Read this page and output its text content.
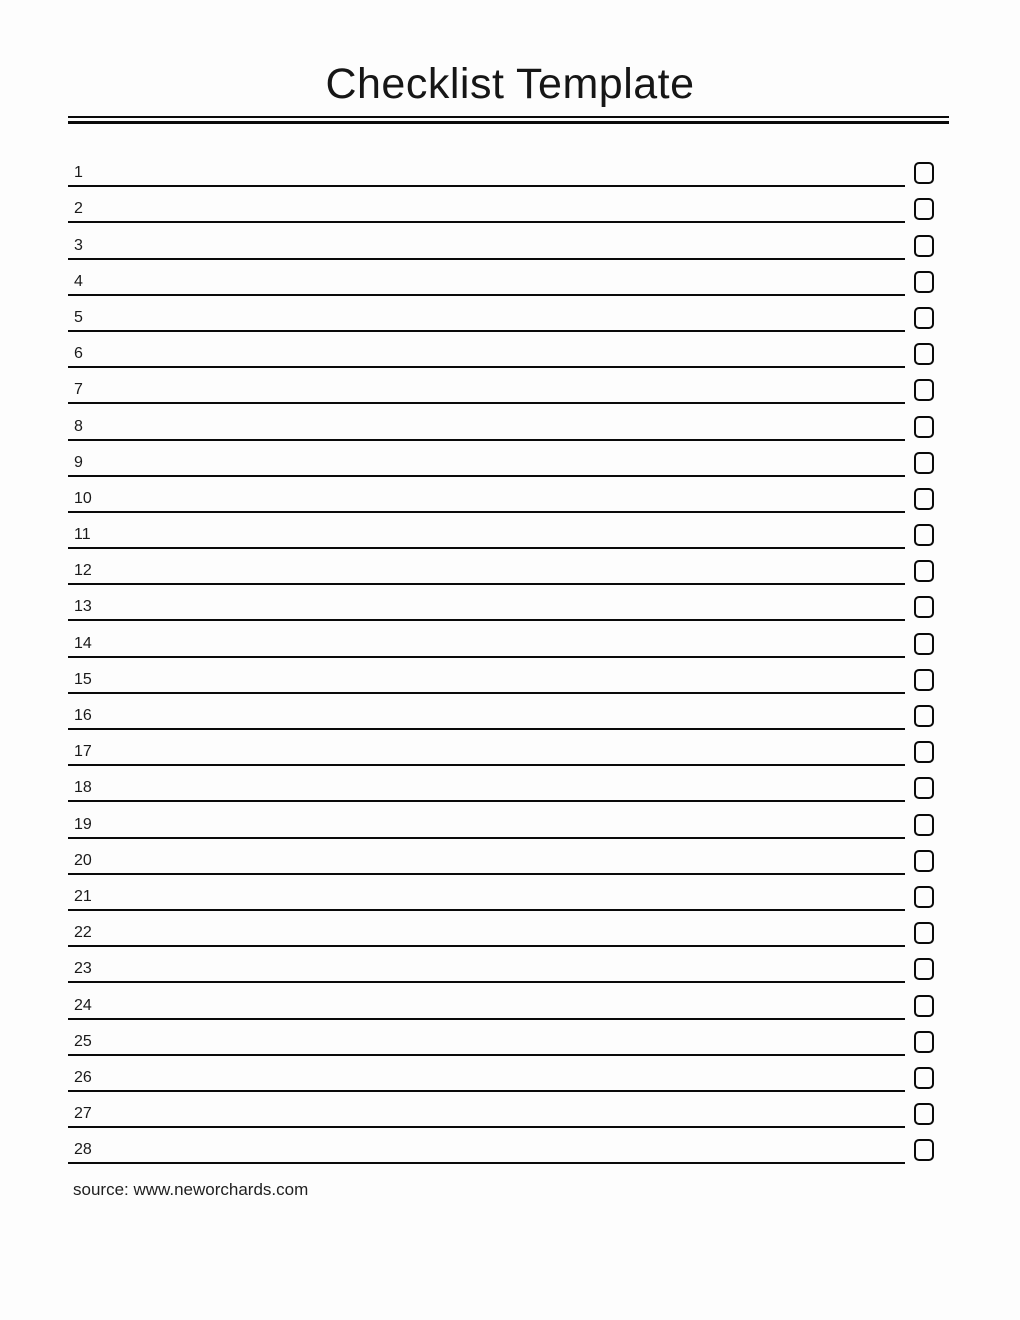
Checklist Template
1
2
3
4
5
6
7
8
9
10
11
12
13
14
15
16
17
18
19
20
21
22
23
24
25
26
27
28
source: www.neworchards.com
